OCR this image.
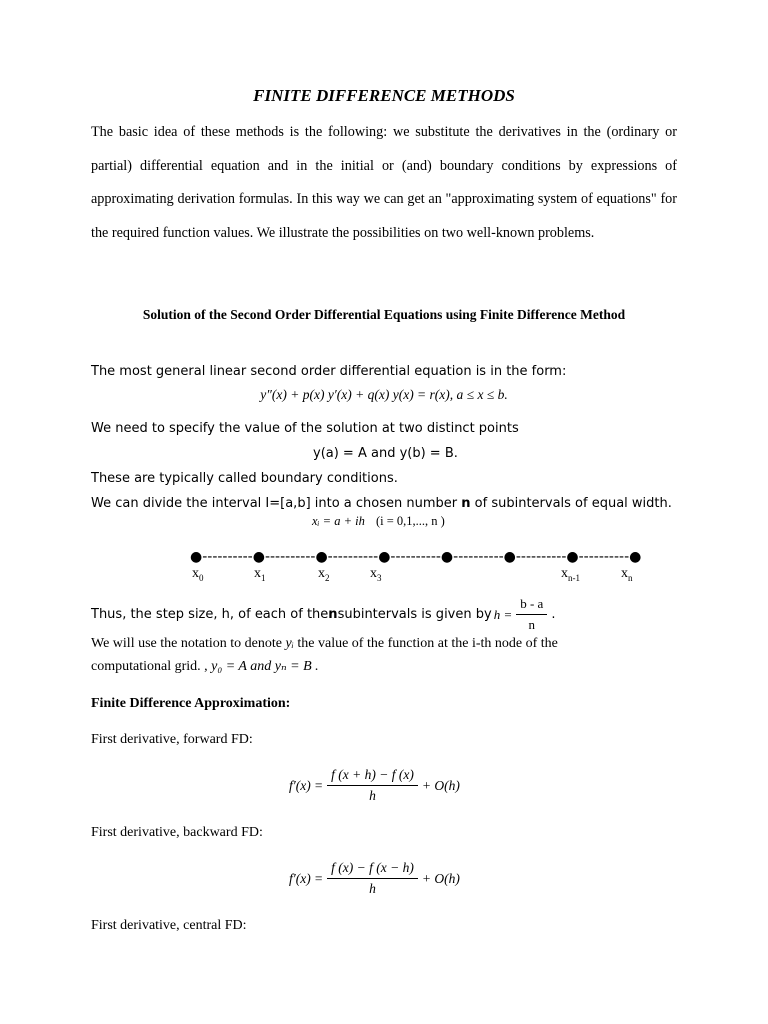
FINITE DIFFERENCE METHODS

The basic idea of these methods is the following: we substitute the derivatives in the (ordinary or partial) differential equation and in the initial or (and) boundary conditions by expressions of approximating derivation formulas. In this way we can get an "approximating system of equations" for the required function values. We illustrate the possibilities on two well-known problems.

Solution of the Second Order Differential Equations using Finite Difference Method
The most general linear second order differential equation is in the form:
y″(x) + p(x) y′(x) + q(x) y(x) = r(x), a ≤ x ≤ b.
We need to specify the value of the solution at two distinct points
y(a) = A and y(b) = B.
These are typically called boundary conditions.
We can divide the interval I=[a,b] into a chosen number n of subintervals of equal width.
xᵢ = a + ih (i = 0,1,..., n )
●----------●----------●----------●----------●----------●----------●----------●
$x_0$	$x_1$	$x_2$	$x_3$	$x_{n-1}$	$x_n$
Thus, the step size, h, of each of the n subintervals is given by $h = \frac{b - a}{n}$ .
We will use the notation to denote yᵢ the value of the function at the i-th node of the
computational grid. , y₀ = A and yₙ = B .
Finite Difference Approximation:
First derivative, forward FD:
$f'(x) = \frac{f (x + h) - f (x)}{h} + O(h)$
First derivative, backward FD:
$f'(x) = \frac{f (x) - f (x - h)}{h} + O(h)$
First derivative, central FD:
